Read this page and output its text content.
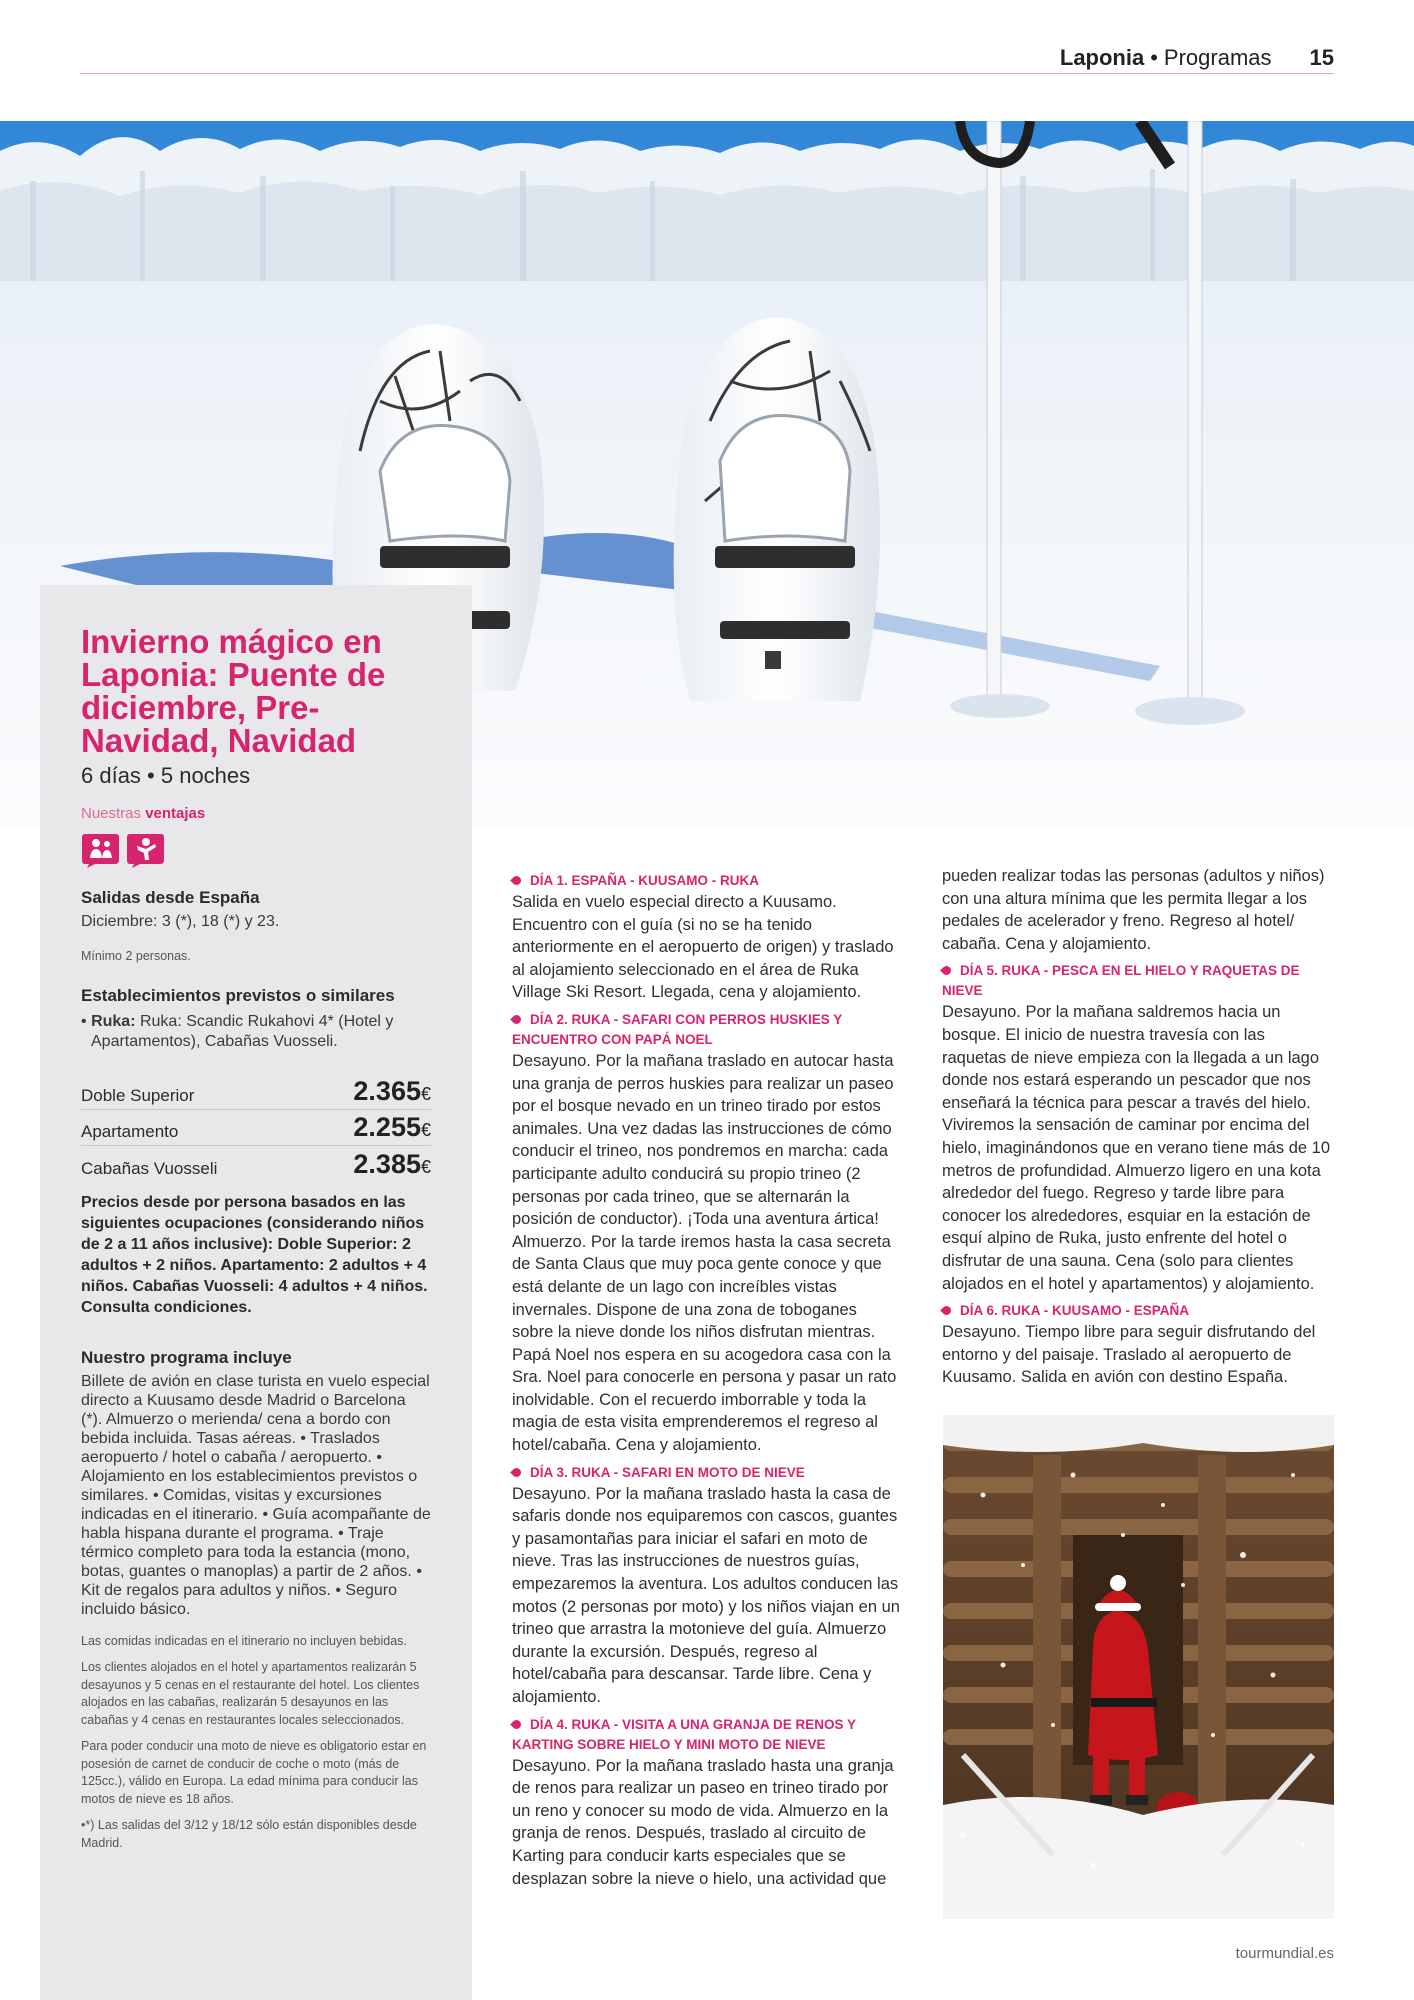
Laponia • Programas 15
Invierno mágico en Laponia: Puente de diciembre, Pre-Navidad, Navidad
6 días • 5 noches
Nuestras ventajas
Salidas desde España
Diciembre: 3 (*), 18 (*) y 23.
Mínimo 2 personas.
Establecimientos previstos o similares
• Ruka: Ruka: Scandic Rukahovi 4* (Hotel y Apartamentos), Cabañas Vuosseli.
Doble Superior	2.365€
Apartamento	2.255€
Cabañas Vuosseli	2.385€
Precios desde por persona basados en las siguientes ocupaciones (considerando niños de 2 a 11 años inclusive): Doble Superior: 2 adultos + 2 niños. Apartamento: 2 adultos + 4 niños. Cabañas Vuosseli: 4 adultos + 4 niños. Consulta condiciones.
Nuestro programa incluye
Billete de avión en clase turista en vuelo especial directo a Kuusamo desde Madrid o Barcelona (*). Almuerzo o merienda/ cena a bordo con bebida incluida. Tasas aéreas. • Traslados aeropuerto / hotel o cabaña / aeropuerto. • Alojamiento en los establecimientos previstos o similares. • Comidas, visitas y excursiones indicadas en el itinerario. • Guía acompañante de habla hispana durante el programa. • Traje térmico completo para toda la estancia (mono, botas, guantes o manoplas) a partir de 2 años. • Kit de regalos para adultos y niños. • Seguro incluido básico.

Las comidas indicadas en el itinerario no incluyen bebidas.

Los clientes alojados en el hotel y apartamentos realizarán 5 desayunos y 5 cenas en el restaurante del hotel. Los clientes alojados en las cabañas, realizarán 5 desayunos en las cabañas y 4 cenas en restaurantes locales seleccionados.

Para poder conducir una moto de nieve es obligatorio estar en posesión de carnet de conducir de coche o moto (más de 125cc.), válido en Europa. La edad mínima para conducir las motos de nieve es 18 años.

•*) Las salidas del 3/12 y 18/12 sólo están disponibles desde Madrid.

DÍA 1. ESPAÑA - KUUSAMO - RUKA
Salida en vuelo especial directo a Kuusamo. Encuentro con el guía (si no se ha tenido anteriormente en el aeropuerto de origen) y traslado al alojamiento seleccionado en el área de Ruka Village Ski Resort. Llegada, cena y alojamiento.
DÍA 2. RUKA - SAFARI CON PERROS HUSKIES Y ENCUENTRO CON PAPÁ NOEL
Desayuno. Por la mañana traslado en autocar hasta una granja de perros huskies para realizar un paseo por el bosque nevado en un trineo tirado por estos animales. Una vez dadas las instrucciones de cómo conducir el trineo, nos pondremos en marcha: cada participante adulto conducirá su propio trineo (2 personas por cada trineo, que se alternarán la posición de conductor). ¡Toda una aventura ártica! Almuerzo. Por la tarde iremos hasta la casa secreta de Santa Claus que muy poca gente conoce y que está delante de un lago con increíbles vistas invernales. Dispone de una zona de toboganes sobre la nieve donde los niños disfrutan mientras. Papá Noel nos espera en su acogedora casa con la Sra. Noel para conocerle en persona y pasar un rato inolvidable. Con el recuerdo imborrable y toda la magia de esta visita emprenderemos el regreso al hotel/cabaña. Cena y alojamiento.
DÍA 3. RUKA - SAFARI EN MOTO DE NIEVE
Desayuno. Por la mañana traslado hasta la casa de safaris donde nos equiparemos con cascos, guantes y pasamontañas para iniciar el safari en moto de nieve. Tras las instrucciones de nuestros guías, empezaremos la aventura. Los adultos conducen las motos (2 personas por moto) y los niños viajan en un trineo que arrastra la motonieve del guía. Almuerzo durante la excursión. Después, regreso al hotel/cabaña para descansar. Tarde libre. Cena y alojamiento.
DÍA 4. RUKA - VISITA A UNA GRANJA DE RENOS Y KARTING SOBRE HIELO Y MINI MOTO DE NIEVE
Desayuno. Por la mañana traslado hasta una granja de renos para realizar un paseo en trineo tirado por un reno y conocer su modo de vida. Almuerzo en la granja de renos. Después, traslado al circuito de Karting para conducir karts especiales que se desplazan sobre la nieve o hielo, una actividad que
pueden realizar todas las personas (adultos y niños) con una altura mínima que les permita llegar a los pedales de acelerador y freno. Regreso al hotel/ cabaña. Cena y alojamiento.
DÍA 5. RUKA - PESCA EN EL HIELO Y RAQUETAS DE NIEVE
Desayuno. Por la mañana saldremos hacia un bosque. El inicio de nuestra travesía con las raquetas de nieve empieza con la llegada a un lago donde nos estará esperando un pescador que nos enseñará la técnica para pescar a través del hielo. Viviremos la sensación de caminar por encima del hielo, imaginándonos que en verano tiene más de 10 metros de profundidad. Almuerzo ligero en una kota alrededor del fuego. Regreso y tarde libre para conocer los alrededores, esquiar en la estación de esquí alpino de Ruka, justo enfrente del hotel o disfrutar de una sauna. Cena (solo para clientes alojados en el hotel y apartamentos) y alojamiento.
DÍA 6. RUKA - KUUSAMO - ESPAÑA
Desayuno. Tiempo libre para seguir disfrutando del entorno y del paisaje. Traslado al aeropuerto de Kuusamo. Salida en avión con destino España.
tourmundial.es
